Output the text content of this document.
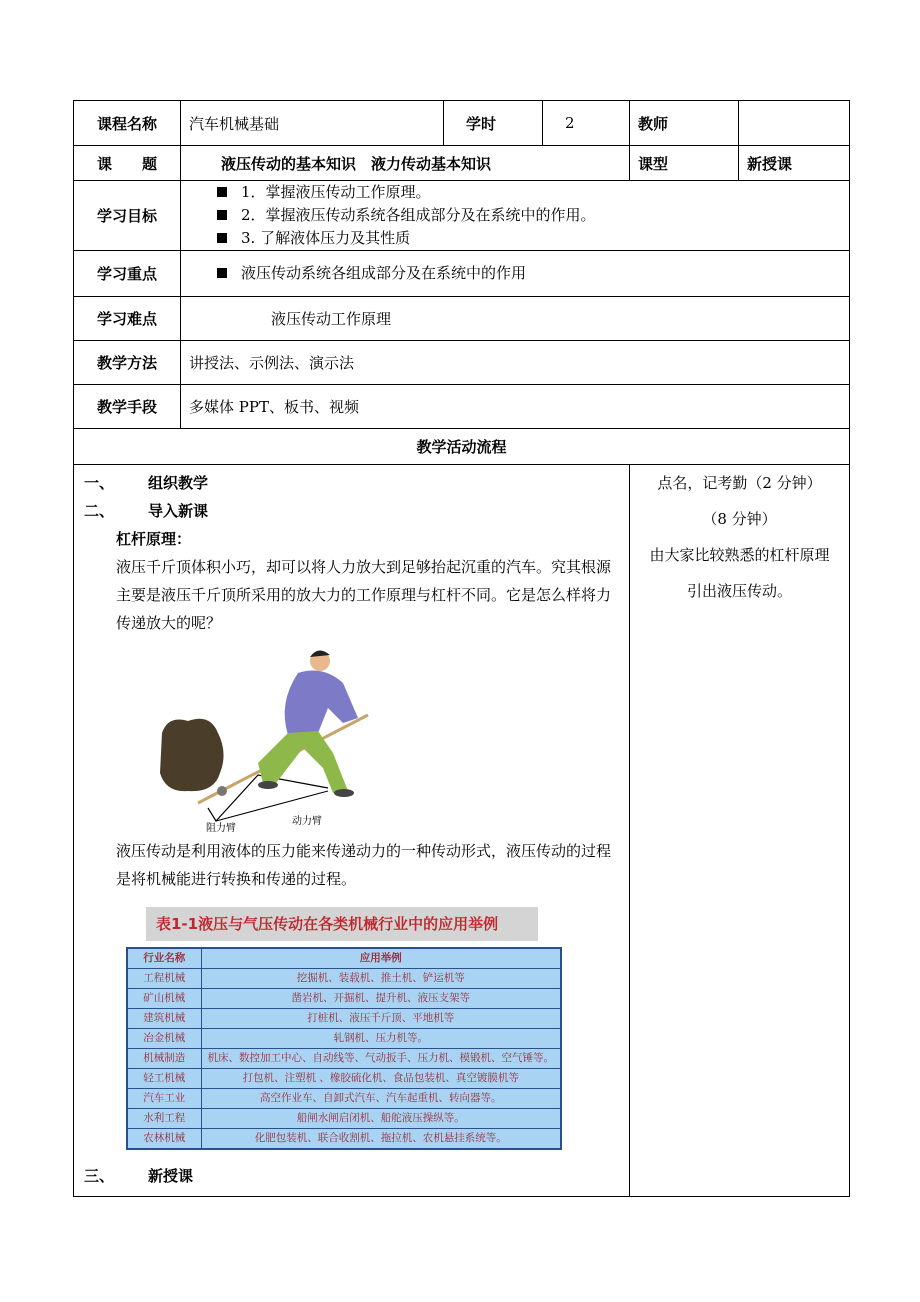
课程名称	汽车机械基础	学时	2	教师	
课　　题	液压传动的基本知识　液力传动基本知识	课型	新授课
学习目标	
1．掌握液压传动工作原理。
2．掌握液压传动系统各组成部分及在系统中的作用。
3. 了解液体压力及其性质

学习重点	液压传动系统各组成部分及在系统中的作用
学习难点	液压传动工作原理
教学方法	讲授法、示例法、演示法
教学手段	多媒体 PPT、板书、视频
教学活动流程

一、 组织教学
二、 导入新课
杠杆原理：

液压千斤顶体积小巧，却可以将人力放大到足够抬起沉重的汽车。究其根源主要是液压千斤顶所采用的放大力的工作原理与杠杆不同。它是怎么样将力传递放大的呢？

阻力臂
动力臂

液压传动是利用液体的压力能来传递动力的一种传动形式，液压传动的过程是将机械能进行转换和传递的过程。

表1-1液压与气压传动在各类机械行业中的应用举例
行业名称	应用举例
工程机械	挖掘机、装载机、推土机、铲运机等
矿山机械	凿岩机、开掘机、提升机、液压支架等
建筑机械	打桩机、液压千斤顶、平地机等
冶金机械	轧钢机、压力机等。
机械制造	机床、数控加工中心、自动线等、气动扳手、压力机、模锻机、空气锤等。
轻工机械	打包机、注塑机 、橡胶硫化机、食品包装机、真空镀膜机等
汽车工业	高空作业车、自卸式汽车、汽车起重机、转向器等。
水利工程	船闸水闸启闭机、船舵液压操纵等。
农林机械	化肥包装机、联合收割机、拖拉机、农机悬挂系统等。
三、 新授课

点名，记考勤（2 分钟）
（8 分钟）
由大家比较熟悉的杠杆原理
引出液压传动。
